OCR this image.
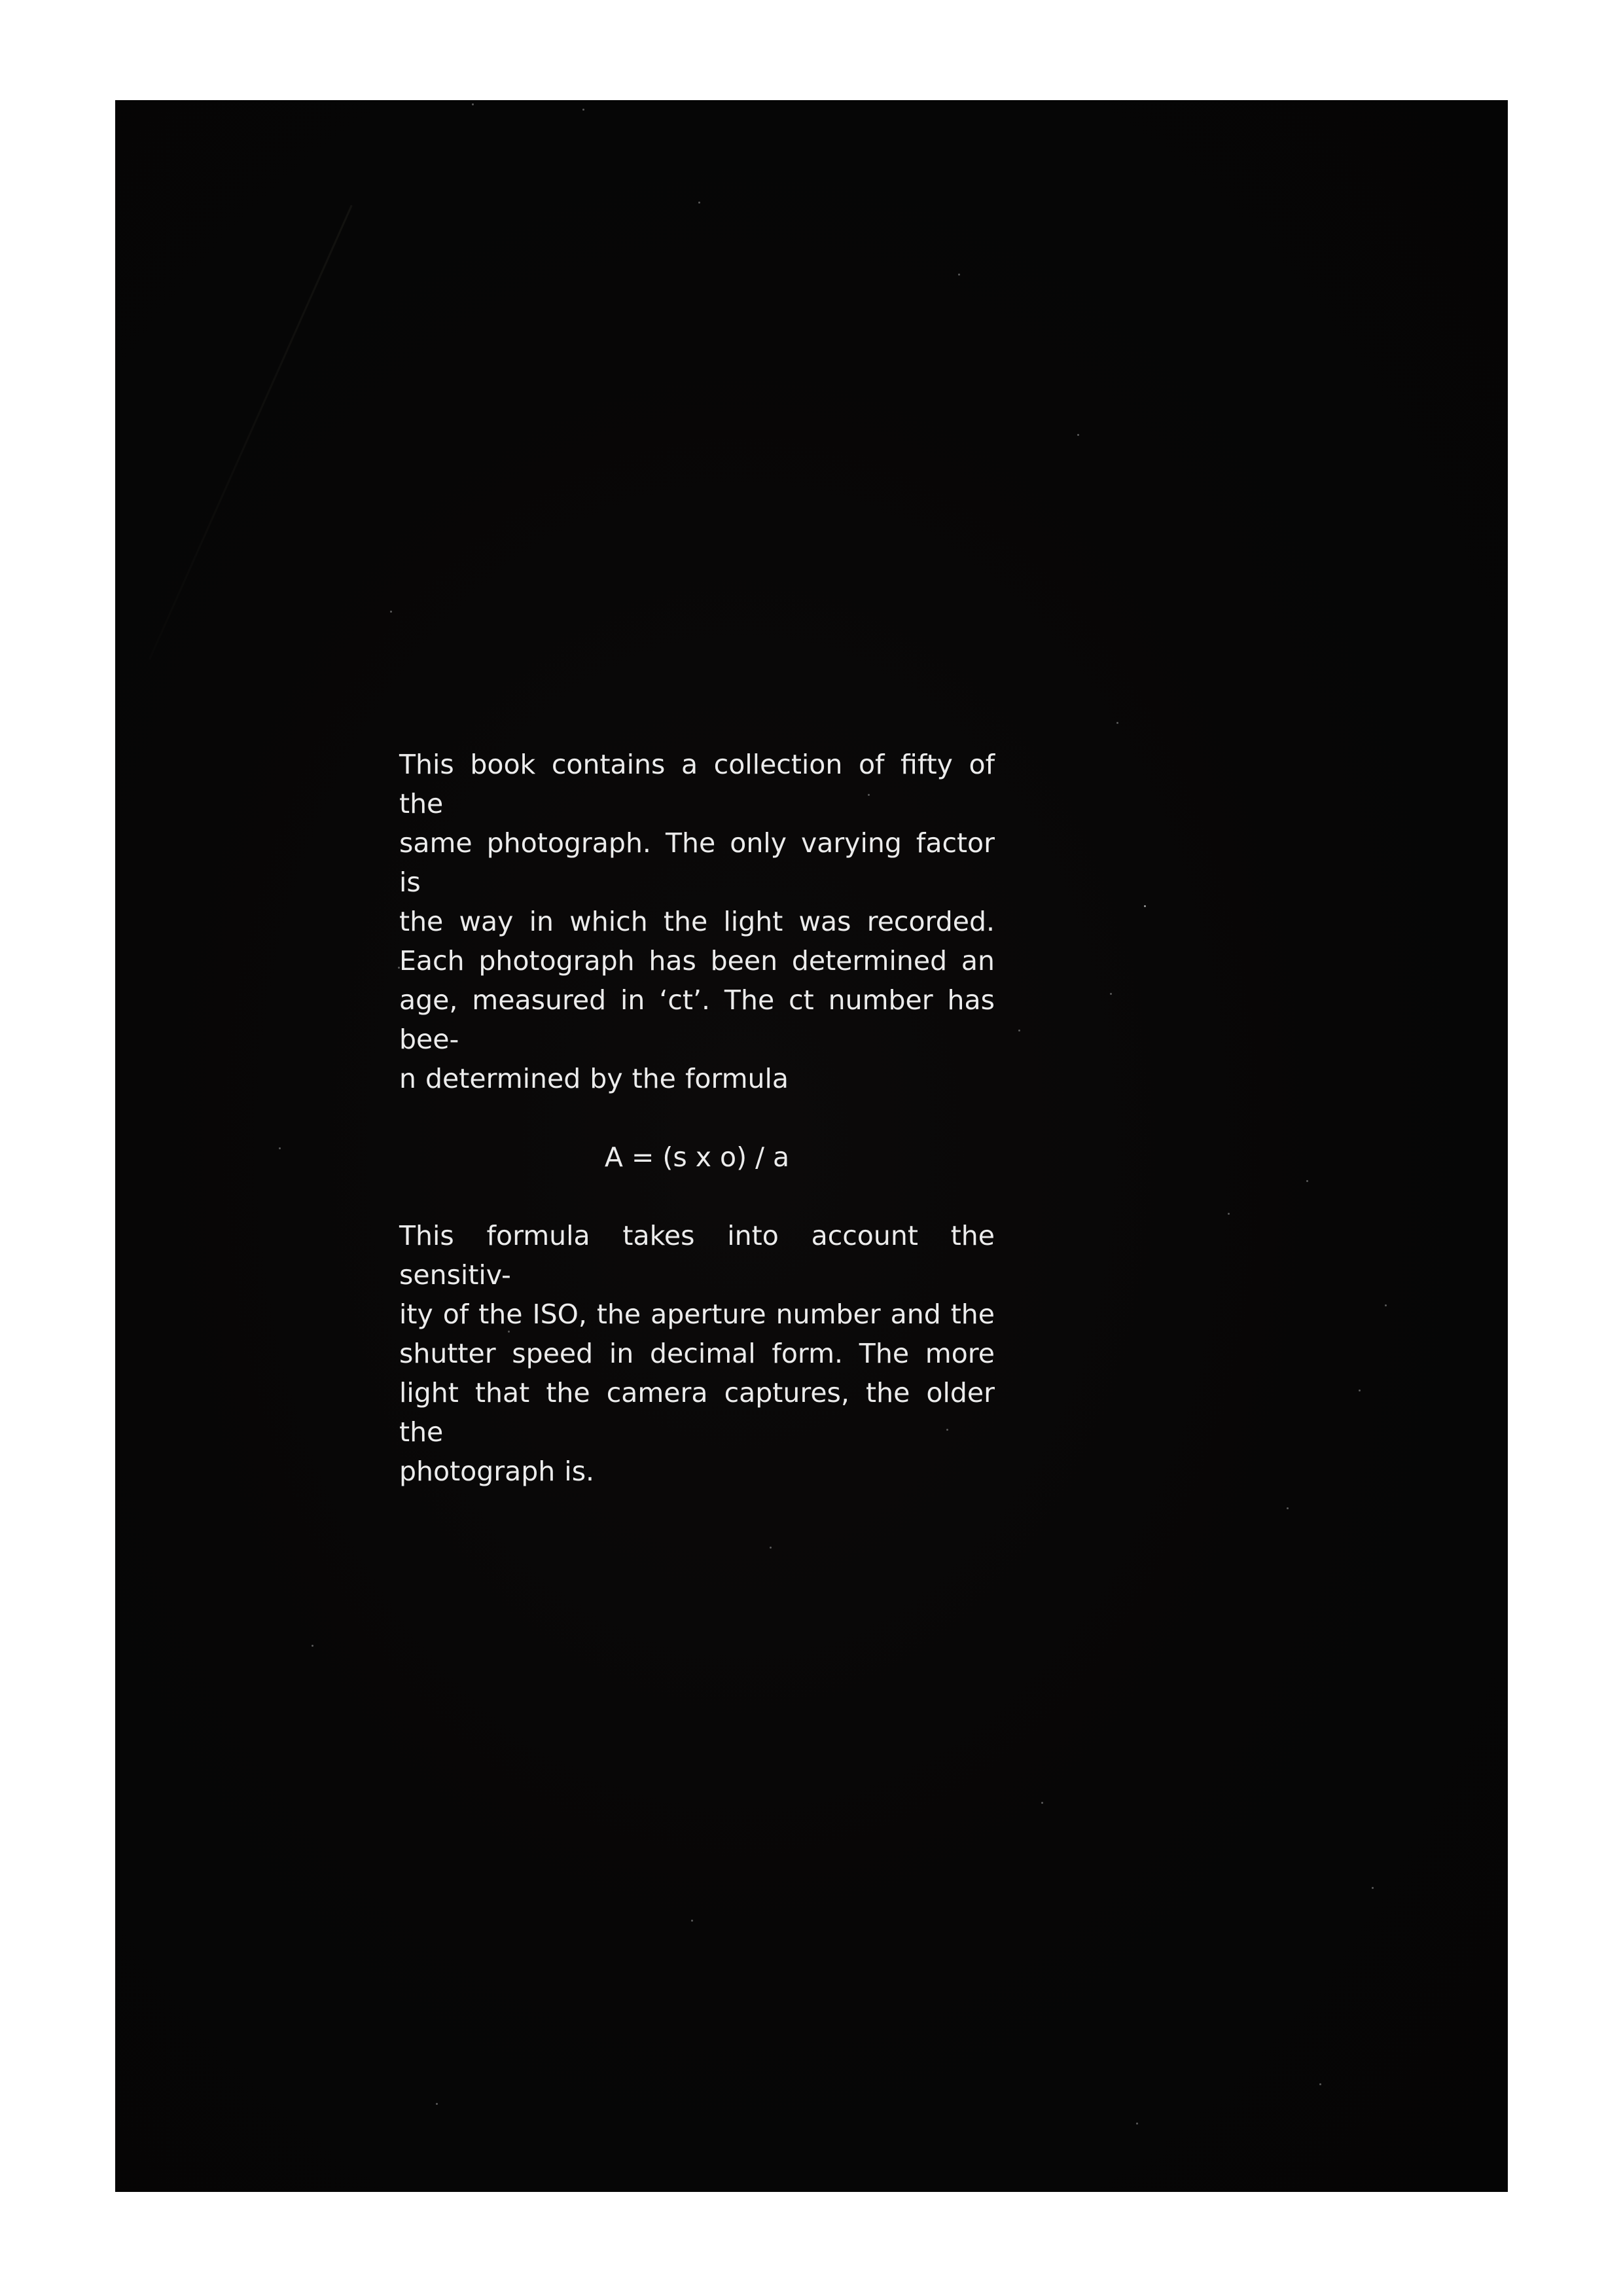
This book contains a collection of fifty of the
same photograph. The only varying factor is
the way in which the light was recorded.
Each photograph has been determined an
age, measured in ‘ct’. The ct number has bee-
n determined by the formula

A = (s x o) / a

This formula takes into account the sensitiv-
ity of the ISO, the aperture number and the
shutter speed in decimal form. The more
light that the camera captures, the older the
photograph is.
